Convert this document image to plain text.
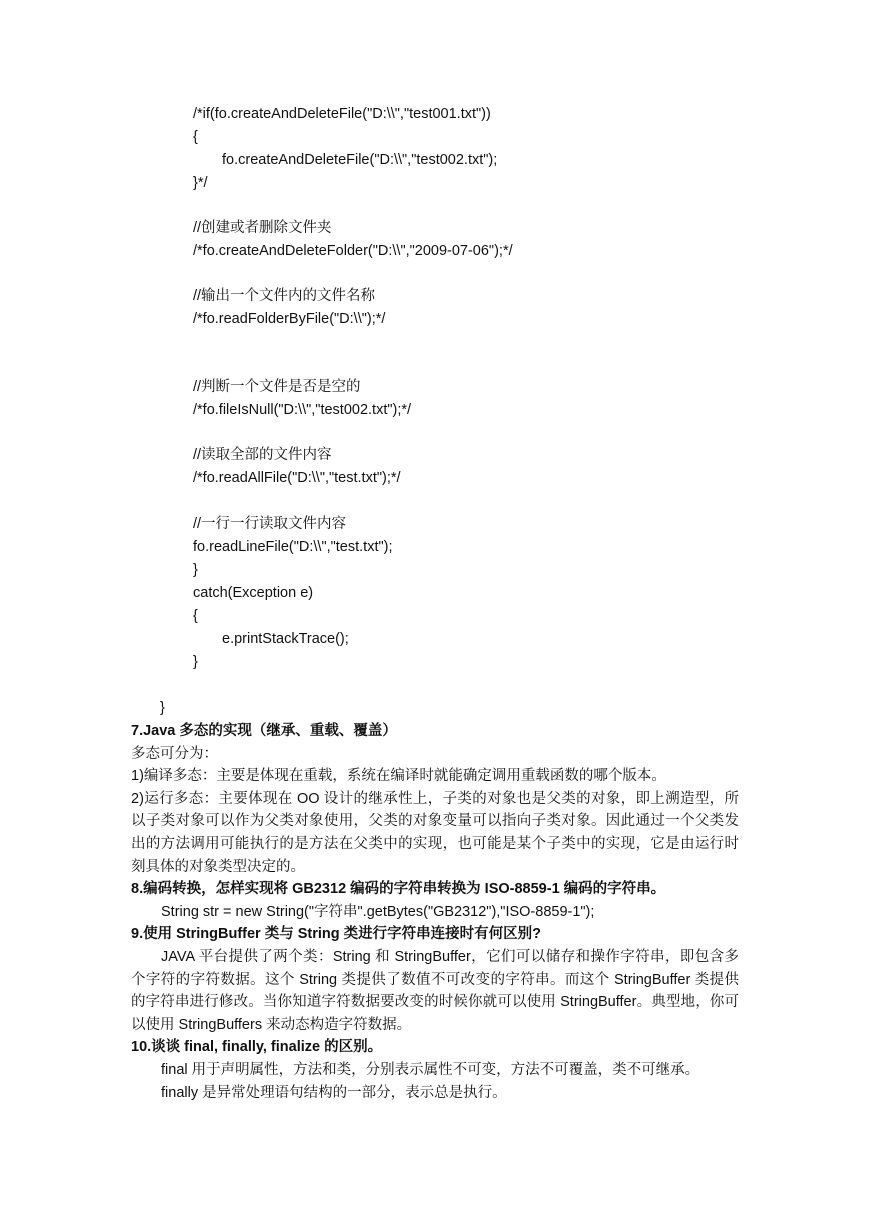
/*if(fo.createAndDeleteFile("D:\\","test001.txt"))
{
fo.createAndDeleteFile("D:\\","test002.txt");
}*/
//创建或者删除文件夹
/*fo.createAndDeleteFolder("D:\\","2009-07-06");*/
//输出一个文件内的文件名称
/*fo.readFolderByFile("D:\\");*/
//判断一个文件是否是空的
/*fo.fileIsNull("D:\\","test002.txt");*/
//读取全部的文件内容
/*fo.readAllFile("D:\\","test.txt");*/
//一行一行读取文件内容
fo.readLineFile("D:\\","test.txt");
}
catch(Exception e)
{
e.printStackTrace();
}
}
7.Java 多态的实现（继承、重载、覆盖）
多态可分为：
1)编译多态：主要是体现在重载，系统在编译时就能确定调用重载函数的哪个版本。
2)运行多态：主要体现在 OO 设计的继承性上，子类的对象也是父类的对象，即上溯造型，所以子类对象可以作为父类对象使用，父类的对象变量可以指向子类对象。因此通过一个父类发出的方法调用可能执行的是方法在父类中的实现，也可能是某个子类中的实现，它是由运行时刻具体的对象类型决定的。
8.编码转换，怎样实现将 GB2312 编码的字符串转换为 ISO-8859-1 编码的字符串。
String str = new String("字符串".getBytes("GB2312"),"ISO-8859-1");
9.使用 StringBuffer 类与 String 类进行字符串连接时有何区别?
JAVA 平台提供了两个类：String 和 StringBuffer，它们可以储存和操作字符串，即包含多个字符的字符数据。这个 String 类提供了数值不可改变的字符串。而这个 StringBuffer 类提供的字符串进行修改。当你知道字符数据要改变的时候你就可以使用 StringBuffer。典型地，你可以使用 StringBuffers 来动态构造字符数据。
10.谈谈 final, finally, finalize 的区别。
final 用于声明属性，方法和类，分别表示属性不可变，方法不可覆盖，类不可继承。
finally 是异常处理语句结构的一部分，表示总是执行。
